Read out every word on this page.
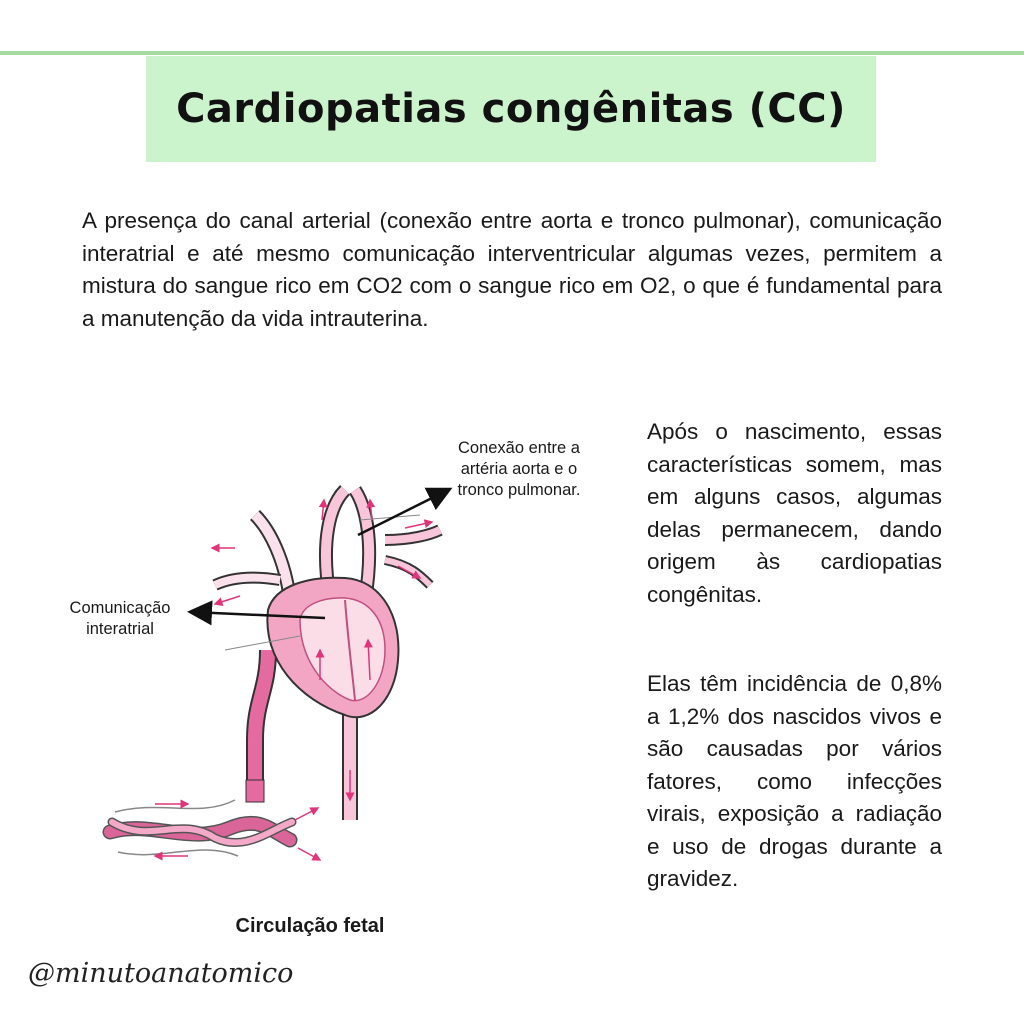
Cardiopatias congênitas (CC)

A presença do canal arterial (conexão entre aorta e tronco pulmonar), comunicação interatrial e até mesmo comunicação interventricular algumas vezes, permitem a mistura do sangue rico em CO2 com o sangue rico em O2, o que é fundamental para a manutenção da vida intrauterina.

Conexão entre a artéria aorta e o tronco pulmonar.

Comunicação interatrial

Circulação fetal

Após o nascimento, essas características somem, mas em alguns casos, algumas delas permanecem, dando origem às cardiopatias congênitas.

Elas têm incidência de 0,8% a 1,2% dos nascidos vivos e são causadas por vários fatores, como infecções virais, exposição a radiação e uso de drogas durante a gravidez.

@minutoanatomico
